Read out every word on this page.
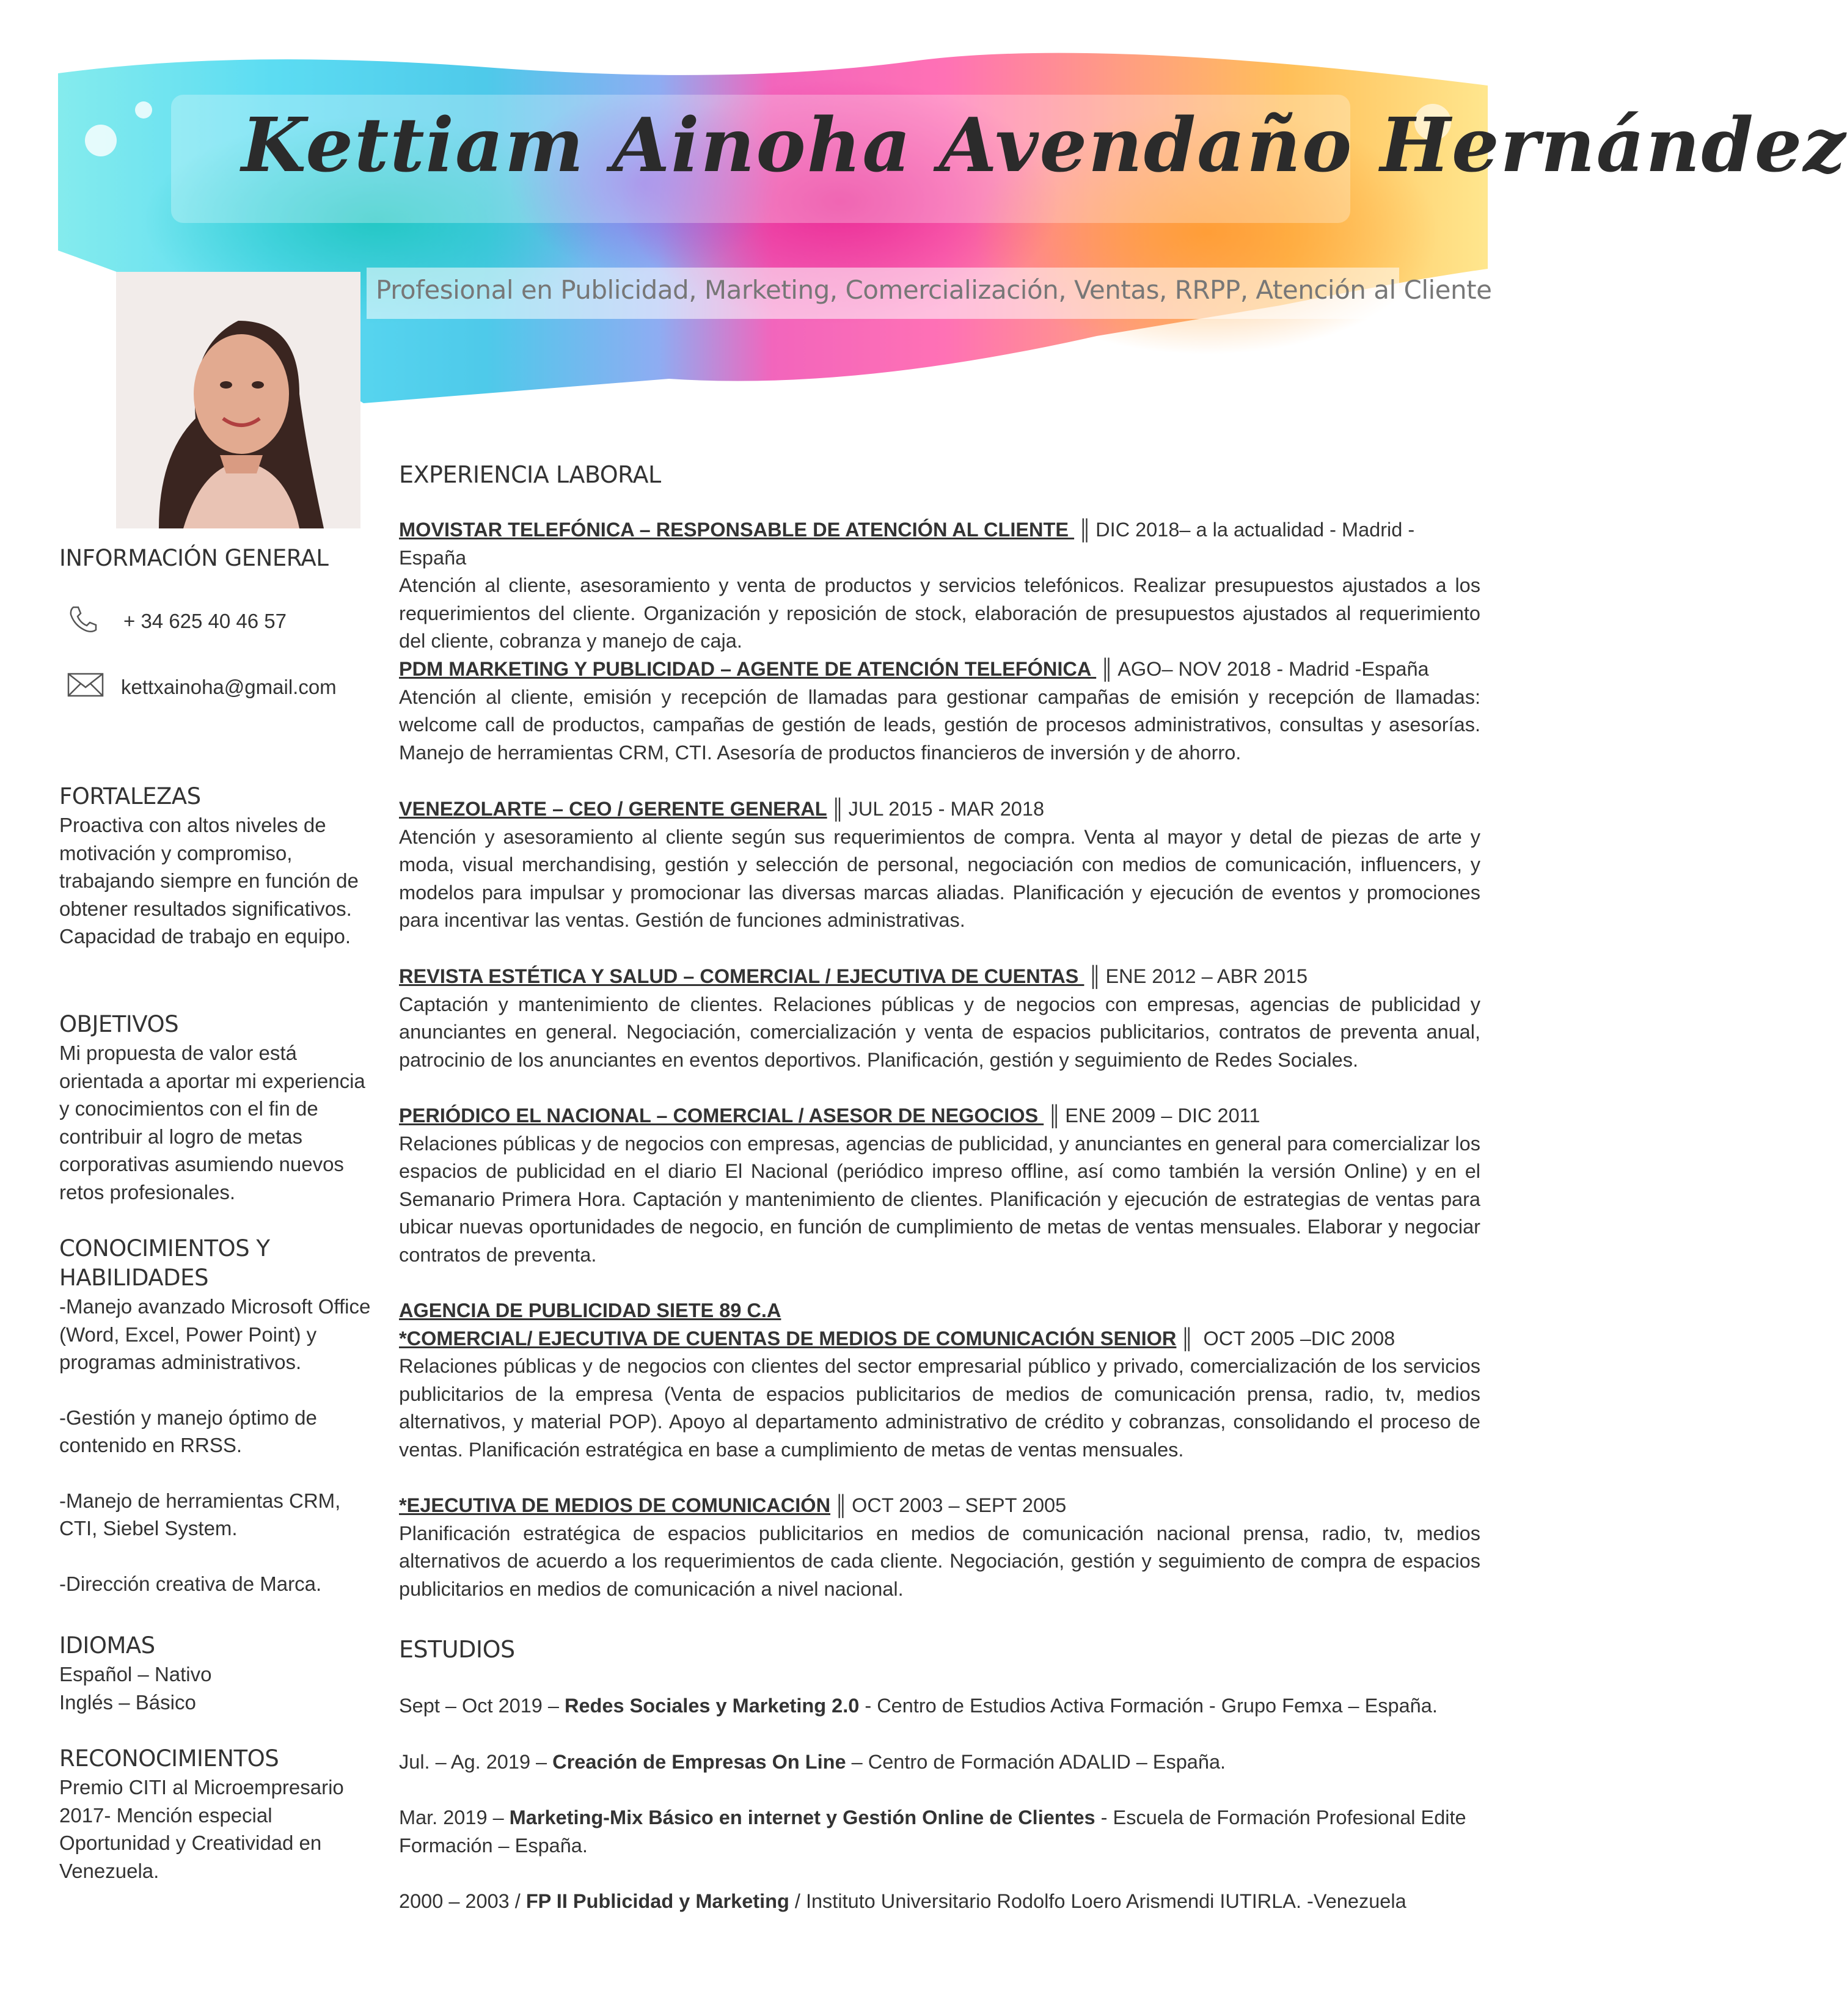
Kettiam Ainoha Avendaño Hernández
Profesional en Publicidad, Marketing, Comercialización, Ventas, RRPP, Atención al Cliente
INFORMACIÓN GENERAL
+ 34 625 40 46 57
kettxainoha@gmail.com
FORTALEZAS

Proactiva con altos niveles de motivación y compromiso, trabajando siempre en función de obtener resultados significativos. Capacidad de trabajo en equipo.

OBJETIVOS

Mi propuesta de valor está orientada a aportar mi experiencia y conocimientos con el fin de contribuir al logro de metas corporativas asumiendo nuevos retos profesionales.

CONOCIMIENTOS Y HABILIDADES

-Manejo avanzado Microsoft Office (Word, Excel, Power Point) y programas administrativos.

-Gestión y manejo óptimo de contenido en RRSS.

-Manejo de herramientas CRM, CTI, Siebel System.

-Dirección creativa de Marca.

IDIOMAS

Español – Nativo

Inglés – Básico

RECONOCIMIENTOS

Premio CITI al Microempresario 2017- Mención especial Oportunidad y Creatividad en Venezuela.

EXPERIENCIA LABORAL
MOVISTAR TELEFÓNICA – RESPONSABLE DE ATENCIÓN AL CLIENTE ║ DIC 2018– a la actualidad - Madrid -España

Atención al cliente, asesoramiento y venta de productos y servicios telefónicos. Realizar presupuestos ajustados a los requerimientos del cliente. Organización y reposición de stock, elaboración de presupuestos ajustados al requerimiento del cliente, cobranza y manejo de caja.

PDM MARKETING Y PUBLICIDAD – AGENTE DE ATENCIÓN TELEFÓNICA ║ AGO– NOV 2018 - Madrid -España

Atención al cliente, emisión y recepción de llamadas para gestionar campañas de emisión y recepción de llamadas: welcome call de productos, campañas de gestión de leads, gestión de procesos administrativos, consultas y asesorías. Manejo de herramientas CRM, CTI. Asesoría de productos financieros de inversión y de ahorro.

VENEZOLARTE – CEO / GERENTE GENERAL ║ JUL 2015 - MAR 2018

Atención y asesoramiento al cliente según sus requerimientos de compra. Venta al mayor y detal de piezas de arte y moda, visual merchandising, gestión y selección de personal, negociación con medios de comunicación, influencers, y modelos para impulsar y promocionar las diversas marcas aliadas. Planificación y ejecución de eventos y promociones para incentivar las ventas. Gestión de funciones administrativas.

REVISTA ESTÉTICA Y SALUD – COMERCIAL / EJECUTIVA DE CUENTAS ║ ENE 2012 – ABR 2015

Captación y mantenimiento de clientes. Relaciones públicas y de negocios con empresas, agencias de publicidad y anunciantes en general. Negociación, comercialización y venta de espacios publicitarios, contratos de preventa anual, patrocinio de los anunciantes en eventos deportivos. Planificación, gestión y seguimiento de Redes Sociales.

PERIÓDICO EL NACIONAL – COMERCIAL / ASESOR DE NEGOCIOS ║ ENE 2009 – DIC 2011

Relaciones públicas y de negocios con empresas, agencias de publicidad, y anunciantes en general para comercializar los espacios de publicidad en el diario El Nacional (periódico impreso offline, así como también la versión Online) y en el Semanario Primera Hora. Captación y mantenimiento de clientes. Planificación y ejecución de estrategias de ventas para ubicar nuevas oportunidades de negocio, en función de cumplimiento de metas de ventas mensuales. Elaborar y negociar contratos de preventa.

AGENCIA DE PUBLICIDAD SIETE 89 C.A
*COMERCIAL/ EJECUTIVA DE CUENTAS DE MEDIOS DE COMUNICACIÓN SENIOR ║ OCT 2005 –DIC 2008

Relaciones públicas y de negocios con clientes del sector empresarial público y privado, comercialización de los servicios publicitarios de la empresa (Venta de espacios publicitarios de medios de comunicación prensa, radio, tv, medios alternativos, y material POP). Apoyo al departamento administrativo de crédito y cobranzas, consolidando el proceso de ventas. Planificación estratégica en base a cumplimiento de metas de ventas mensuales.

*EJECUTIVA DE MEDIOS DE COMUNICACIÓN ║ OCT 2003 – SEPT 2005

Planificación estratégica de espacios publicitarios en medios de comunicación nacional prensa, radio, tv, medios alternativos de acuerdo a los requerimientos de cada cliente. Negociación, gestión y seguimiento de compra de espacios publicitarios en medios de comunicación a nivel nacional.

ESTUDIOS

Sept – Oct 2019 – Redes Sociales y Marketing 2.0 - Centro de Estudios Activa Formación - Grupo Femxa – España.

Jul. – Ag. 2019 – Creación de Empresas On Line – Centro de Formación ADALID – España.

Mar. 2019 – Marketing-Mix Básico en internet y Gestión Online de Clientes - Escuela de Formación Profesional Edite Formación – España.

2000 – 2003 / FP II Publicidad y Marketing / Instituto Universitario Rodolfo Loero Arismendi IUTIRLA. -Venezuela
